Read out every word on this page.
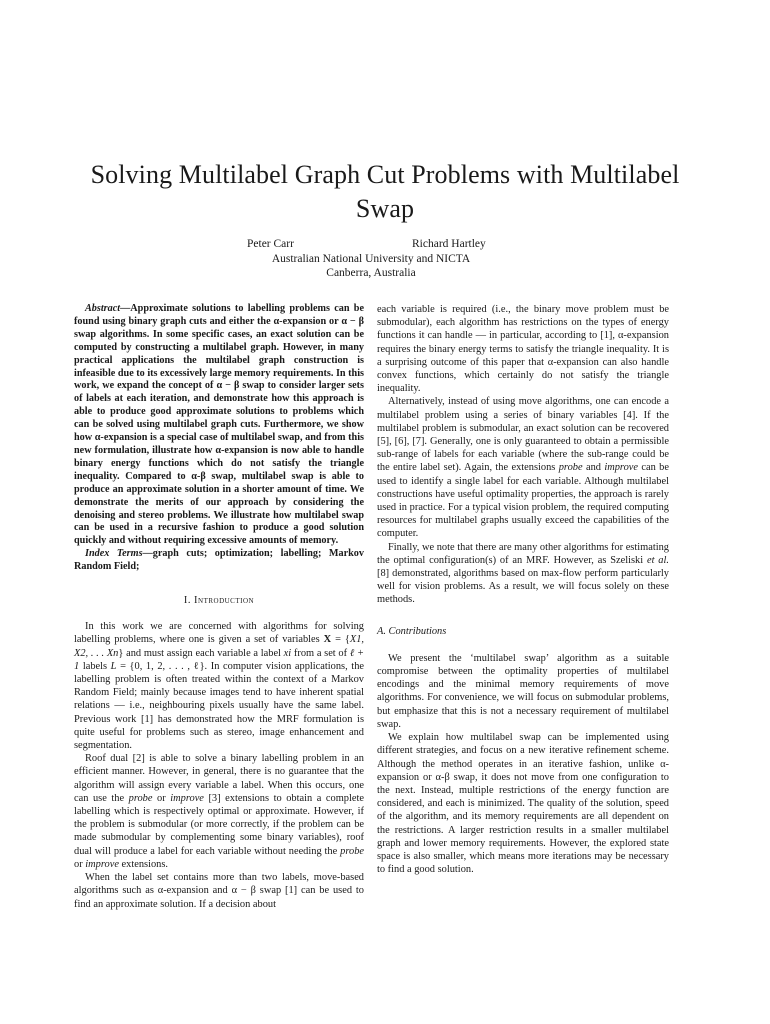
Solving Multilabel Graph Cut Problems with Multilabel Swap
Peter Carr	Richard Hartley
Australian National University and NICTA
Canberra, Australia

Abstract—Approximate solutions to labelling problems can be found using binary graph cuts and either the α-expansion or α − β swap algorithms. In some specific cases, an exact solution can be computed by constructing a multilabel graph. However, in many practical applications the multilabel graph construction is infeasible due to its excessively large memory requirements. In this work, we expand the concept of α − β swap to consider larger sets of labels at each iteration, and demonstrate how this approach is able to produce good approximate solutions to problems which can be solved using multilabel graph cuts. Furthermore, we show how α-expansion is a special case of multilabel swap, and from this new formulation, illustrate how α-expansion is now able to handle binary energy functions which do not satisfy the triangle inequality. Compared to α-β swap, multilabel swap is able to produce an approximate solution in a shorter amount of time. We demonstrate the merits of our approach by considering the denoising and stereo problems. We illustrate how multilabel swap can be used in a recursive fashion to produce a good solution quickly and without requiring excessive amounts of memory.

Index Terms—graph cuts; optimization; labelling; Markov Random Field;

I. Introduction

In this work we are concerned with algorithms for solving labelling problems, where one is given a set of variables X = {X1, X2, . . . Xn} and must assign each variable a label xi from a set of ℓ + 1 labels L = {0, 1, 2, . . . , ℓ}. In computer vision applications, the labelling problem is often treated within the context of a Markov Random Field; mainly because images tend to have inherent spatial relations — i.e., neighbouring pixels usually have the same label. Previous work [1] has demonstrated how the MRF formulation is quite useful for problems such as stereo, image enhancement and segmentation.

Roof dual [2] is able to solve a binary labelling problem in an efficient manner. However, in general, there is no guarantee that the algorithm will assign every variable a label. When this occurs, one can use the probe or improve [3] extensions to obtain a complete labelling which is respectively optimal or approximate. However, if the problem is submodular (or more correctly, if the problem can be made submodular by complementing some binary variables), roof dual will produce a label for each variable without needing the probe or improve extensions.

When the label set contains more than two labels, move-based algorithms such as α-expansion and α − β swap [1] can be used to find an approximate solution. If a decision about

each variable is required (i.e., the binary move problem must be submodular), each algorithm has restrictions on the types of energy functions it can handle — in particular, according to [1], α-expansion requires the binary energy terms to satisfy the triangle inequality. It is a surprising outcome of this paper that α-expansion can also handle convex functions, which certainly do not satisfy the triangle inequality.

Alternatively, instead of using move algorithms, one can encode a multilabel problem using a series of binary variables [4]. If the multilabel problem is submodular, an exact solution can be recovered [5], [6], [7]. Generally, one is only guaranteed to obtain a permissible sub-range of labels for each variable (where the sub-range could be the entire label set). Again, the extensions probe and improve can be used to identify a single label for each variable. Although multilabel constructions have useful optimality properties, the approach is rarely used in practice. For a typical vision problem, the required computing resources for multilabel graphs usually exceed the capabilities of the computer.

Finally, we note that there are many other algorithms for estimating the optimal configuration(s) of an MRF. However, as Szeliski et al. [8] demonstrated, algorithms based on max-flow perform particularly well for vision problems. As a result, we will focus solely on these methods.

A. Contributions

We present the ‘multilabel swap’ algorithm as a suitable compromise between the optimality properties of multilabel encodings and the minimal memory requirements of move algorithms. For convenience, we will focus on submodular problems, but emphasize that this is not a necessary requirement of multilabel swap.

We explain how multilabel swap can be implemented using different strategies, and focus on a new iterative refinement scheme. Although the method operates in an iterative fashion, unlike α-expansion or α-β swap, it does not move from one configuration to the next. Instead, multiple restrictions of the energy function are considered, and each is minimized. The quality of the solution, speed of the algorithm, and its memory requirements are all dependent on the restrictions. A larger restriction results in a smaller multilabel graph and lower memory requirements. However, the explored state space is also smaller, which means more iterations may be necessary to find a good solution.
